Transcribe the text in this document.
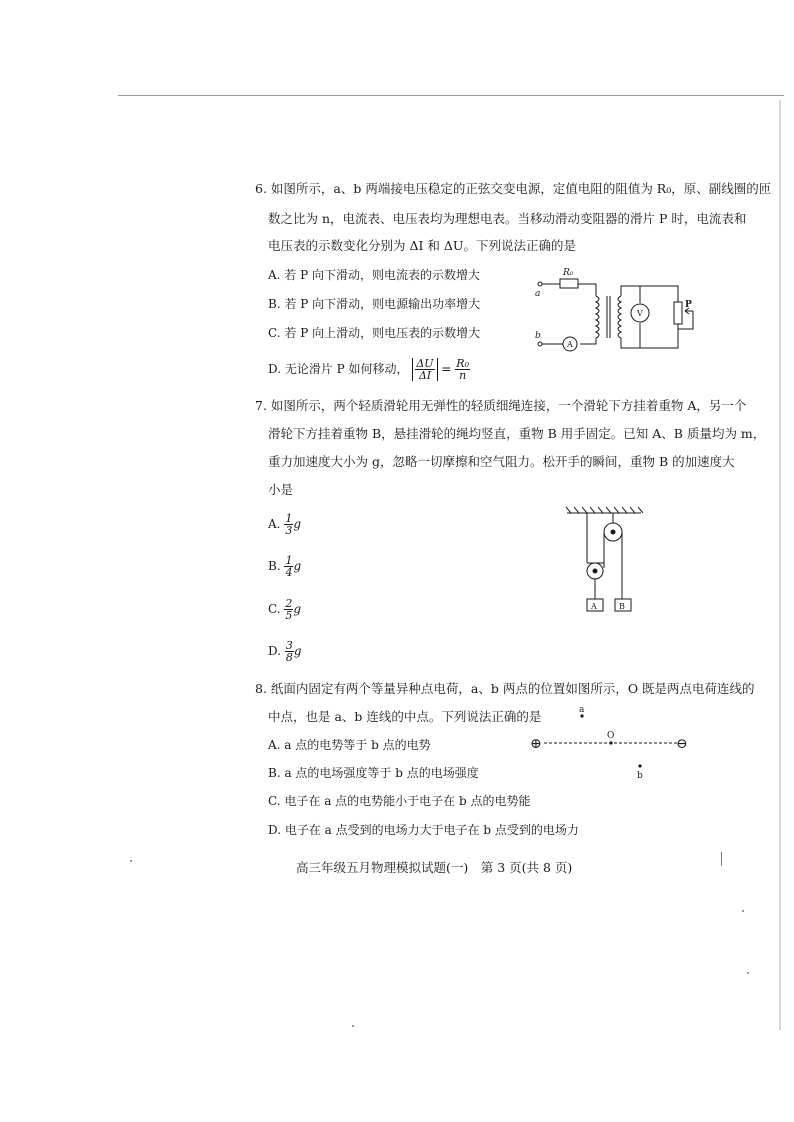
6. 如图所示，a、b 两端接电压稳定的正弦交变电源，定值电阻的阻值为 R₀，原、副线圈的匝
数之比为 n，电流表、电压表均为理想电表。当移动滑动变阻器的滑片 P 时，电流表和
电压表的示数变化分别为 ΔI 和 ΔU。下列说法正确的是
A. 若 P 向下滑动，则电流表的示数增大
B. 若 P 向下滑动，则电源输出功率增大
C. 若 P 向上滑动，则电压表的示数增大
D. 无论滑片 P 如何移动， $\frac{\Delta U}{\Delta I} = \frac{\text{R₀}}{n}$
a
b
R₀
A
V
P
7. 如图所示，两个轻质滑轮用无弹性的轻质细绳连接，一个滑轮下方挂着重物 A，另一个
滑轮下方挂着重物 B，悬挂滑轮的绳均竖直，重物 B 用手固定。已知 A、B 质量均为 m，
重力加速度大小为 g，忽略一切摩擦和空气阻力。松开手的瞬间，重物 B 的加速度大
小是
A. $\frac{1}{3}$ g
B. $\frac{1}{4}$ g
C. $\frac{2}{5}$ g
D. $\frac{3}{8}$ g
A	B
8. 纸面内固定有两个等量异种点电荷，a、b 两点的位置如图所示，O 既是两点电荷连线的
中点，也是 a、b 连线的中点。下列说法正确的是
A. a 点的电势等于 b 点的电势
B. a 点的电场强度等于 b 点的电场强度
C. 电子在 a 点的电势能小于电子在 b 点的电势能
D. 电子在 a 点受到的电场力大于电子在 b 点受到的电场力
a
b
O
⊕	⊖
高三年级五月物理模拟试题(一)　第 3 页(共 8 页)
